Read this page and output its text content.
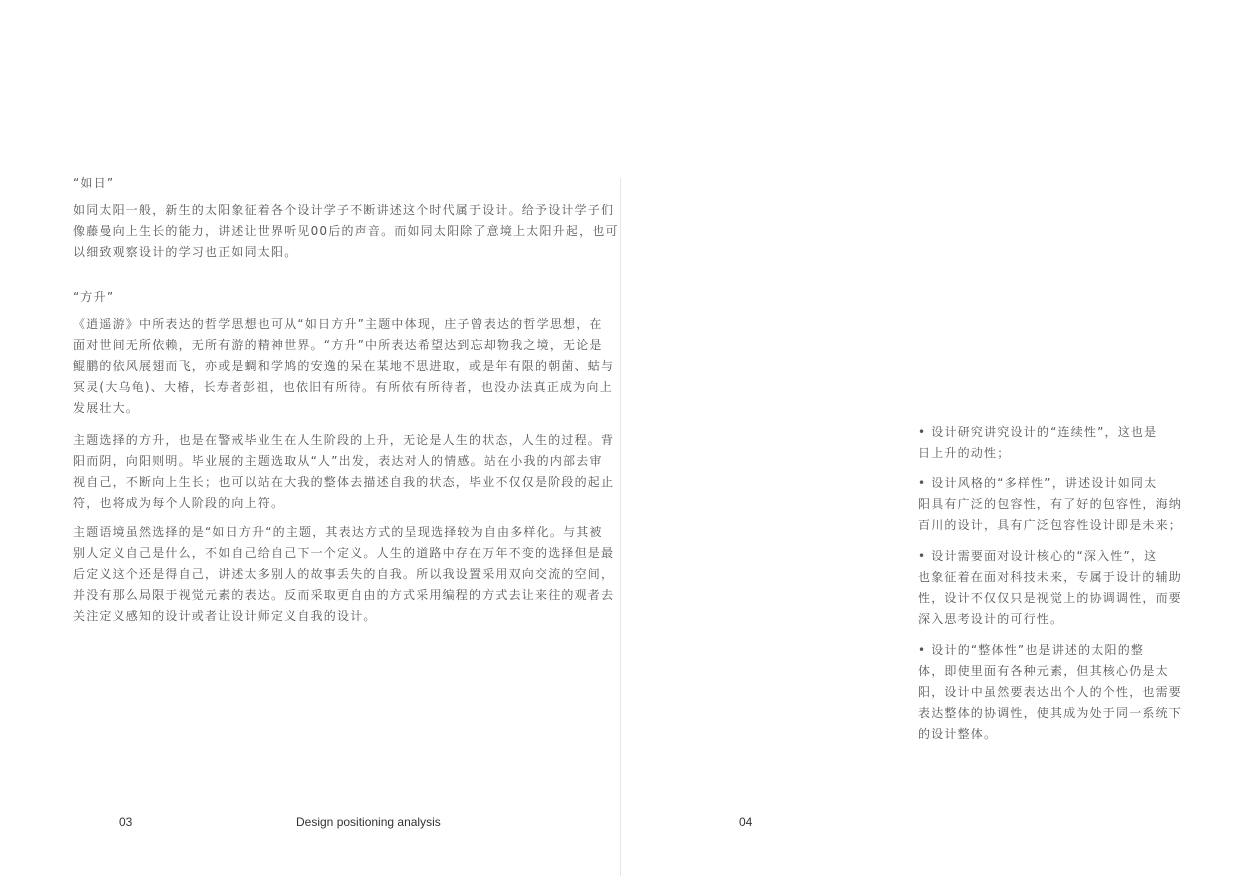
“如日”
如同太阳一般，新生的太阳象征着各个设计学子不断讲述这个时代属于设计。给予设计学子们
像藤曼向上生长的能力，讲述让世界听见00后的声音。而如同太阳除了意境上太阳升起，也可
以细致观察设计的学习也正如同太阳。
“方升”
《逍遥游》中所表达的哲学思想也可从“如日方升”主题中体现，庄子曾表达的哲学思想，在
面对世间无所依赖，无所有游的精神世界。“方升”中所表达希望达到忘却物我之境，无论是
鲲鹏的依风展翅而飞，亦或是蜩和学鸠的安逸的呆在某地不思进取，或是年有限的朝菌、蛄与
冥灵(大乌龟)、大椿，长寿者彭祖，也依旧有所待。有所依有所待者，也没办法真正成为向上
发展壮大。
主题选择的方升，也是在警戒毕业生在人生阶段的上升，无论是人生的状态，人生的过程。背
阳而阴，向阳则明。毕业展的主题选取从“人”出发，表达对人的情感。站在小我的内部去审
视自己，不断向上生长；也可以站在大我的整体去描述自我的状态，毕业不仅仅是阶段的起止
符，也将成为每个人阶段的向上符。
主题语境虽然选择的是“如日方升“的主题，其表达方式的呈现选择较为自由多样化。与其被
别人定义自己是什么，不如自己给自己下一个定义。人生的道路中存在万年不变的选择但是最
后定义这个还是得自己，讲述太多别人的故事丢失的自我。所以我设置采用双向交流的空间，
并没有那么局限于视觉元素的表达。反而采取更自由的方式采用编程的方式去让来往的观者去
关注定义感知的设计或者让设计师定义自我的设计。
• 设计研究讲究设计的“连续性”，这也是
日上升的动性；
• 设计风格的“多样性”，讲述设计如同太
阳具有广泛的包容性，有了好的包容性，海纳
百川的设计，具有广泛包容性设计即是未来；
• 设计需要面对设计核心的“深入性”，这
也象征着在面对科技未来，专属于设计的辅助
性，设计不仅仅只是视觉上的协调调性，而要
深入思考设计的可行性。
• 设计的“整体性”也是讲述的太阳的整
体，即使里面有各种元素，但其核心仍是太
阳，设计中虽然要表达出个人的个性，也需要
表达整体的协调性，使其成为处于同一系统下
的设计整体。
03	Design positioning analysis	04
